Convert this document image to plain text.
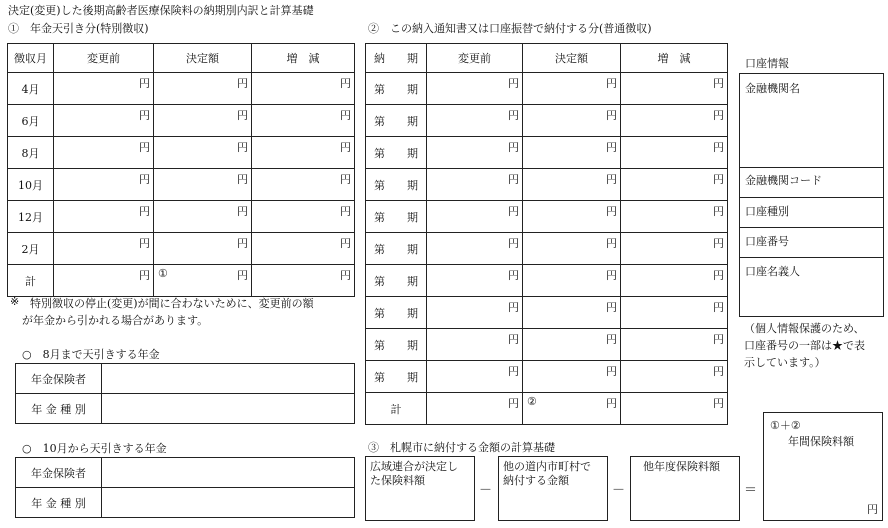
決定(変更)した後期高齢者医療保険料の納期別内訳と計算基礎
①　年金天引き分(特別徴収)	②　この納入通知書又は口座振替で納付する分(普通徴収)
徴収月	変更前	決定額	増　減
4月	円	円	円
6月	円	円	円
8月	円	円	円
10月	円	円	円
12月	円	円	円
2月	円	円	円
計	円	① 円	円
※ 特別徴収の停止(変更)が間に合わないために、変更前の額
が年金から引かれる場合があります。
○　8月まで天引きする年金
年金保険者	
年 金 種 別	
○　10月から天引きする年金
年金保険者	
年 金 種 別	
納　　期	変更前	決定額	増　減
第　　期	円	円	円
第　　期	円	円	円
第　　期	円	円	円
第　　期	円	円	円
第　　期	円	円	円
第　　期	円	円	円
第　　期	円	円	円
第　　期	円	円	円
第　　期	円	円	円
第　　期	円	円	円
計	円	② 円	円
口座情報
金融機関名
金融機関コード
口座種別
口座番号
口座名義人
（個人情報保護のため、
口座番号の一部は★で表
示しています。）
③　札幌市に納付する金額の計算基礎
広域連合が決定し
た保険料額
－
他の道内市町村で
納付する金額
－
他年度保険料額
＝
①＋②
年間保険料額
円
